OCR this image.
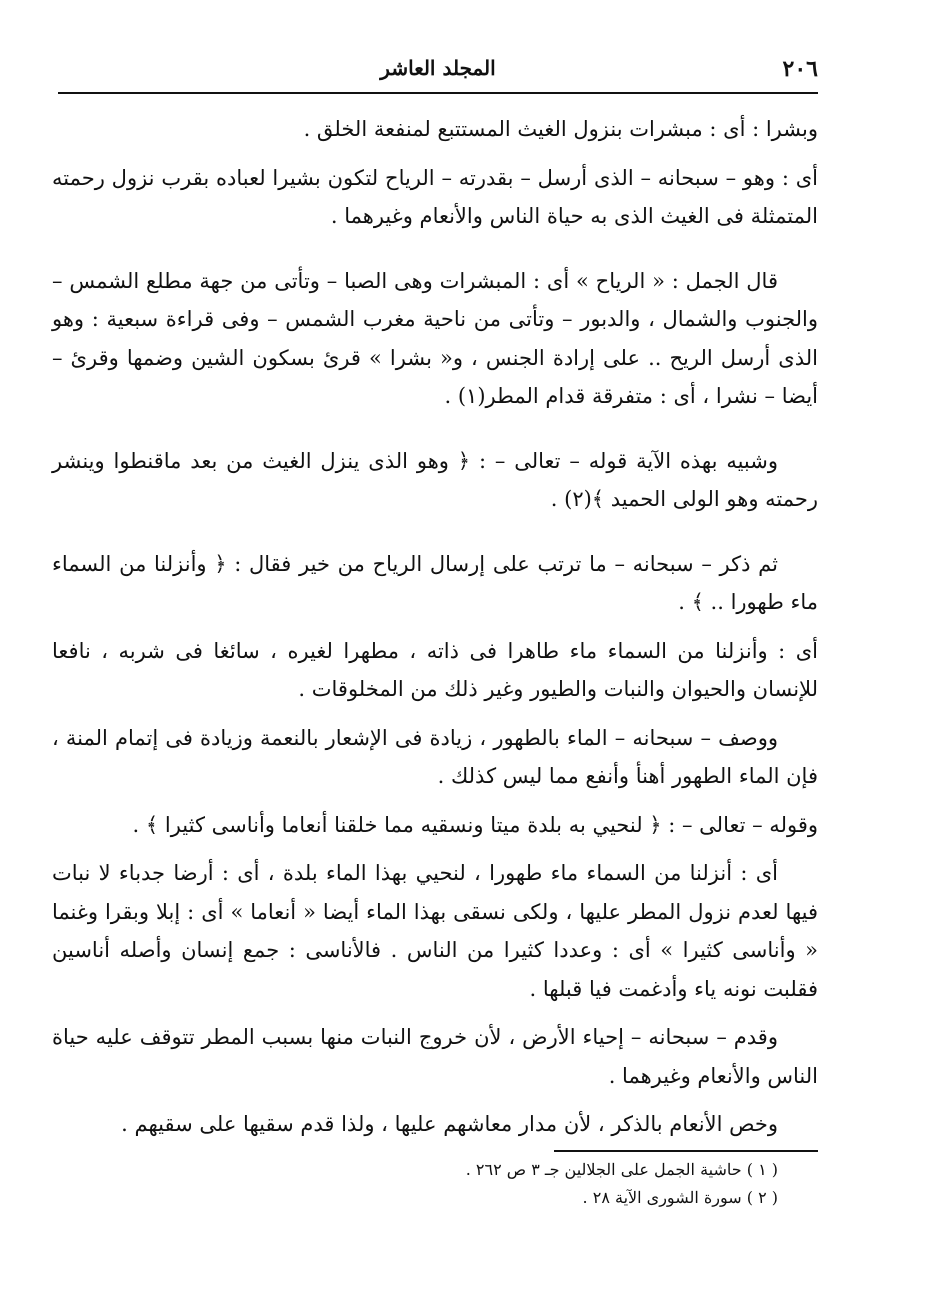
٢٠٦
المجلد العاشر

وبشرا : أى : مبشرات بنزول الغيث المستتبع لمنفعة الخلق .

أى : وهو – سبحانه – الذى أرسل – بقدرته – الرياح لتكون بشيرا لعباده بقرب نزول رحمته المتمثلة فى الغيث الذى به حياة الناس والأنعام وغيرهما .

قال الجمل : « الرياح » أى : المبشرات وهى الصبا – وتأتى من جهة مطلع الشمس – والجنوب والشمال ، والدبور – وتأتى من ناحية مغرب الشمس – وفى قراءة سبعية : وهو الذى أرسل الريح .. على إرادة الجنس ، و« بشرا » قرئ بسكون الشين وضمها وقرئ – أيضا – نشرا ، أى : متفرقة قدام المطر(١) .

وشبيه بهذه الآية قوله – تعالى – : ﴿ وهو الذى ينزل الغيث من بعد ماقنطوا وينشر رحمته وهو الولى الحميد ﴾(٢) .

ثم ذكر – سبحانه – ما ترتب على إرسال الرياح من خير فقال : ﴿ وأنزلنا من السماء ماء طهورا .. ﴾ .

أى : وأنزلنا من السماء ماء طاهرا فى ذاته ، مطهرا لغيره ، سائغا فى شربه ، نافعا للإنسان والحيوان والنبات والطيور وغير ذلك من المخلوقات .

ووصف – سبحانه – الماء بالطهور ، زيادة فى الإشعار بالنعمة وزيادة فى إتمام المنة ، فإن الماء الطهور أهنأ وأنفع مما ليس كذلك .

وقوله – تعالى – : ﴿ لنحيي به بلدة ميتا ونسقيه مما خلقنا أنعاما وأناسى كثيرا ﴾ .

أى : أنزلنا من السماء ماء طهورا ، لنحيي بهذا الماء بلدة ، أى : أرضا جدباء لا نبات فيها لعدم نزول المطر عليها ، ولكى نسقى بهذا الماء أيضا « أنعاما » أى : إبلا وبقرا وغنما « وأناسى كثيرا » أى : وعددا كثيرا من الناس . فالأناسى : جمع إنسان وأصله أناسين فقلبت نونه ياء وأدغمت فيا قبلها .

وقدم – سبحانه – إحياء الأرض ، لأن خروج النبات منها بسبب المطر تتوقف عليه حياة الناس والأنعام وغيرهما .

وخص الأنعام بالذكر ، لأن مدار معاشهم عليها ، ولذا قدم سقيها على سقيهم .

( ١ ) حاشية الجمل على الجلالين جـ ٣ ص ٢٦٢ .

( ٢ ) سورة الشورى الآية ٢٨ .
